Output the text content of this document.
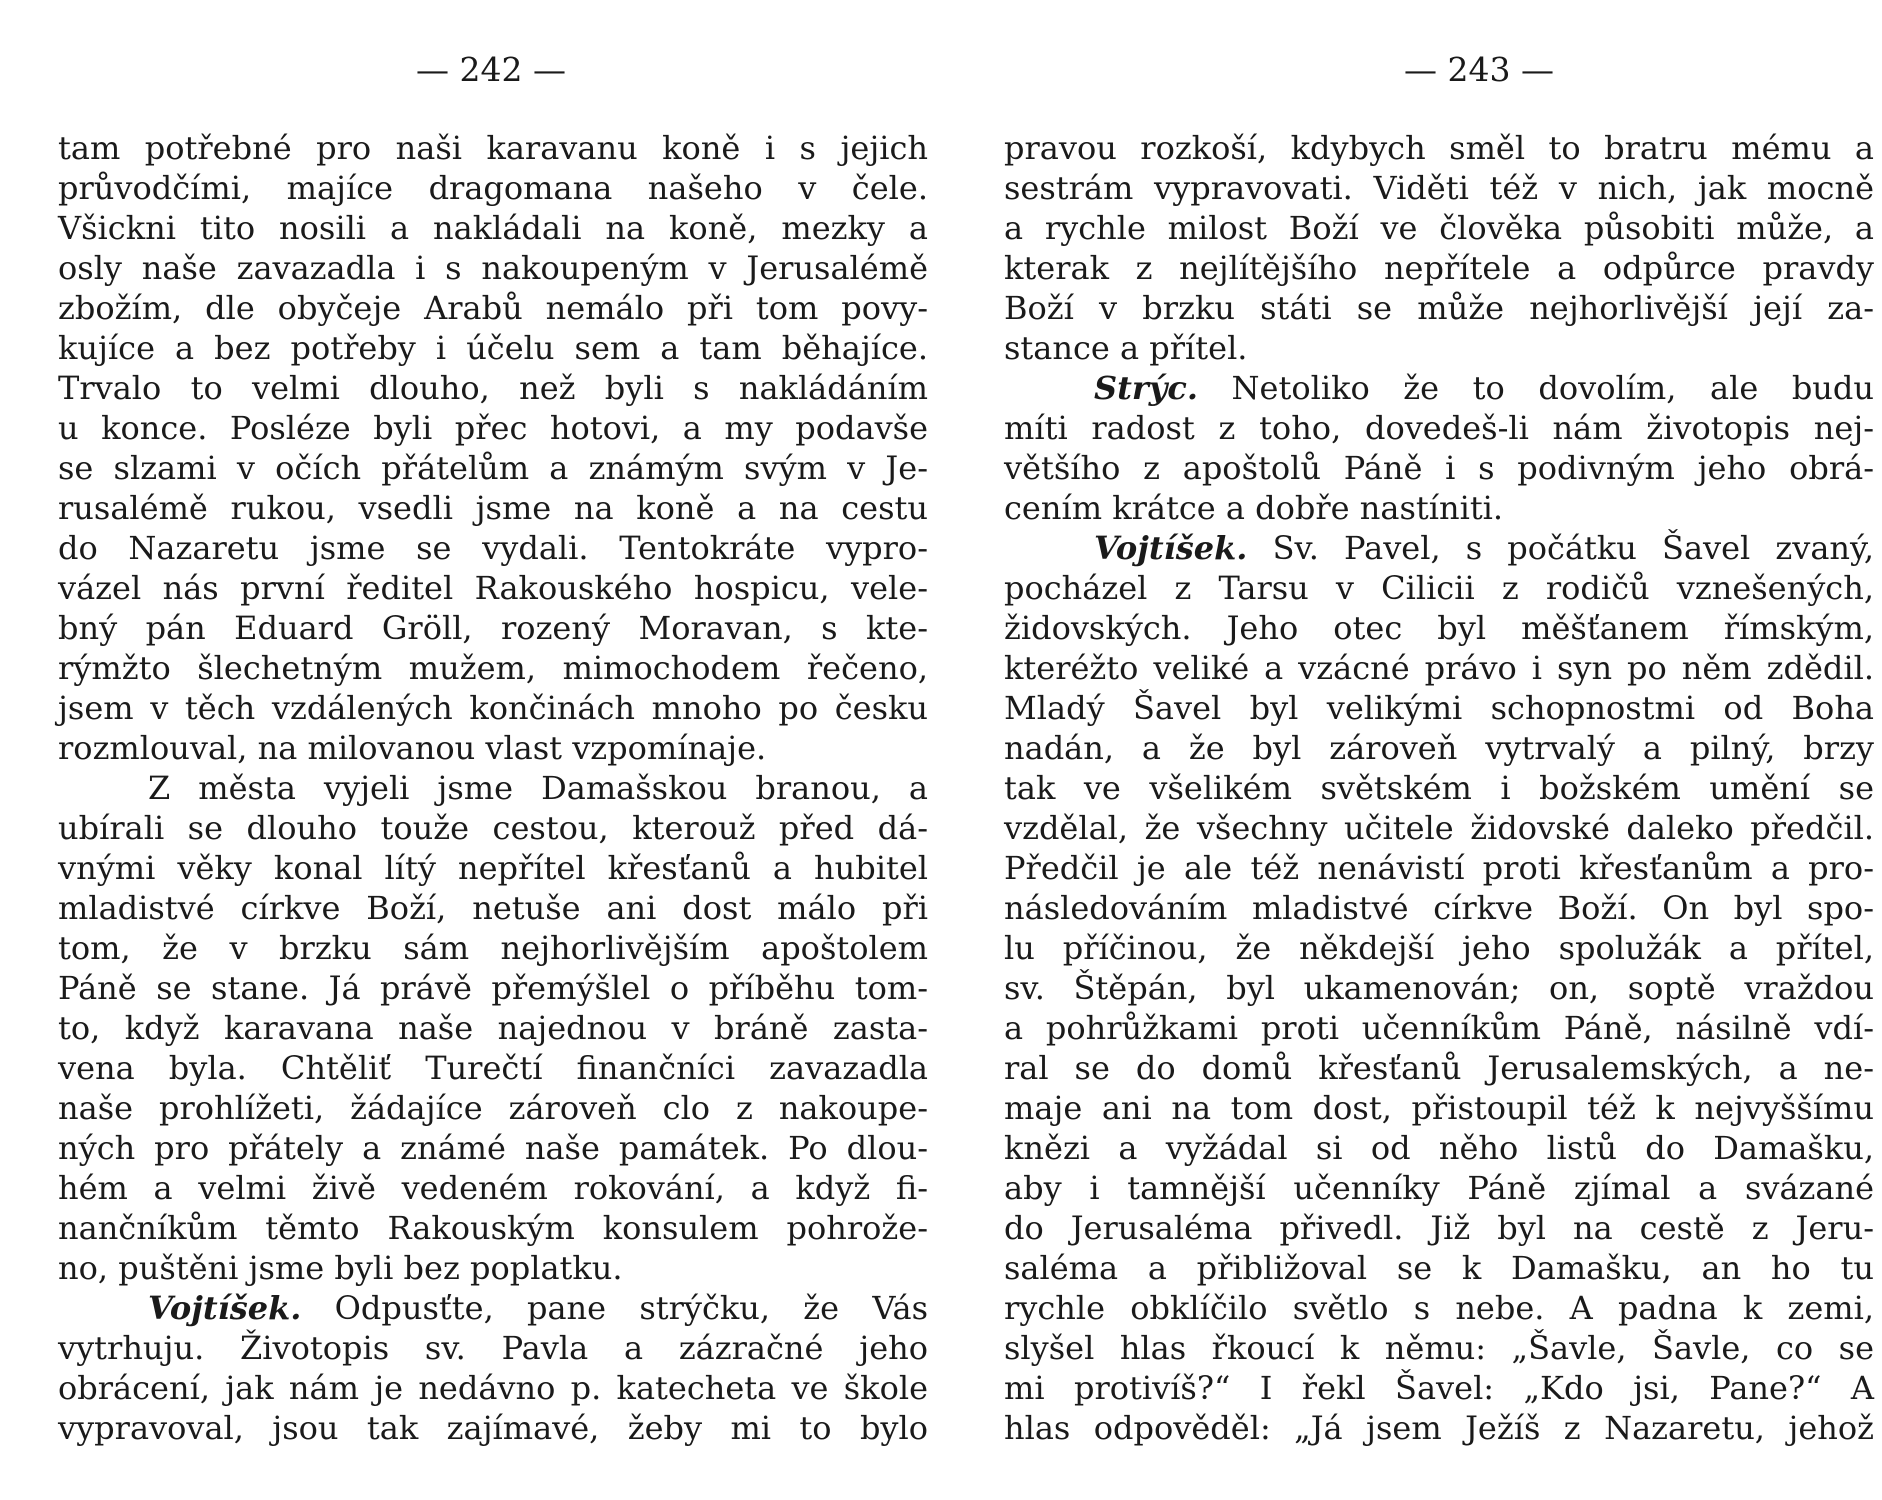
— 242 —
tam potřebné pro naši karavanu koně i s jejich
průvodčími, majíce dragomana našeho v čele.
Všickni tito nosili a nakládali na koně, mezky a
osly naše zavazadla i s nakoupeným v Jerusalémě
zbožím, dle obyčeje Arabů nemálo při tom povy-
kujíce a bez potřeby i účelu sem a tam běhajíce.
Trvalo to velmi dlouho, než byli s nakládáním
u konce. Posléze byli přec hotovi, a my podavše
se slzami v očích přátelům a známým svým v Je-
rusalémě rukou, vsedli jsme na koně a na cestu
do Nazaretu jsme se vydali. Tentokráte vypro-
vázel nás první ředitel Rakouského hospicu, vele-
bný pán Eduard Gröll, rozený Moravan, s kte-
rýmžto šlechetným mužem, mimochodem řečeno,
jsem v těch vzdálených končinách mnoho po česku
rozmlouval, na milovanou vlast vzpomínaje.
Z města vyjeli jsme Damašskou branou, a
ubírali se dlouho touže cestou, kterouž před dá-
vnými věky konal lítý nepřítel křesťanů a hubitel
mladistvé církve Boží, netuše ani dost málo při
tom, že v brzku sám nejhorlivějším apoštolem
Páně se stane. Já právě přemýšlel o příběhu tom-
to, když karavana naše najednou v bráně zasta-
vena byla. Chtěliť Turečtí finančníci zavazadla
naše prohlížeti, žádajíce zároveň clo z nakoupe-
ných pro přátely a známé naše památek. Po dlou-
hém a velmi živě vedeném rokování, a když fi-
nančníkům těmto Rakouským konsulem pohrože-
no, puštěni jsme byli bez poplatku.
Vojtíšek. Odpusťte, pane strýčku, že Vás
vytrhuju. Životopis sv. Pavla a zázračné jeho
obrácení, jak nám je nedávno p. katecheta ve škole
vypravoval, jsou tak zajímavé, žeby mi to bylo
— 243 —
pravou rozkoší, kdybych směl to bratru mému a
sestrám vypravovati. Viděti též v nich, jak mocně
a rychle milost Boží ve člověka působiti může, a
kterak z nejlítějšího nepřítele a odpůrce pravdy
Boží v brzku státi se může nejhorlivější její za-
stance a přítel.
Strýc. Netoliko že to dovolím, ale budu
míti radost z toho, dovedeš-li nám životopis nej-
většího z apoštolů Páně i s podivným jeho obrá-
cením krátce a dobře nastíniti.
Vojtíšek. Sv. Pavel, s počátku Šavel zvaný,
pocházel z Tarsu v Cilicii z rodičů vznešených,
židovských. Jeho otec byl měšťanem římským,
kteréžto veliké a vzácné právo i syn po něm zdědil.
Mladý Šavel byl velikými schopnostmi od Boha
nadán, a že byl zároveň vytrvalý a pilný, brzy
tak ve všelikém světském i božském umění se
vzdělal, že všechny učitele židovské daleko předčil.
Předčil je ale též nenávistí proti křesťanům a pro-
následováním mladistvé církve Boží. On byl spo-
lu příčinou, že někdejší jeho spolužák a přítel,
sv. Štěpán, byl ukamenován; on, soptě vraždou
a pohrůžkami proti učenníkům Páně, násilně vdí-
ral se do domů křesťanů Jerusalemských, a ne-
maje ani na tom dost, přistoupil též k nejvyššímu
knězi a vyžádal si od něho listů do Damašku,
aby i tamnější učenníky Páně zjímal a svázané
do Jerusaléma přivedl. Již byl na cestě z Jeru-
saléma a přibližoval se k Damašku, an ho tu
rychle obklíčilo světlo s nebe. A padna k zemi,
slyšel hlas řkoucí k němu: „Šavle, Šavle, co se
mi protivíš?“ I řekl Šavel: „Kdo jsi, Pane?“ A
hlas odpověděl: „Já jsem Ježíš z Nazaretu, jehož
